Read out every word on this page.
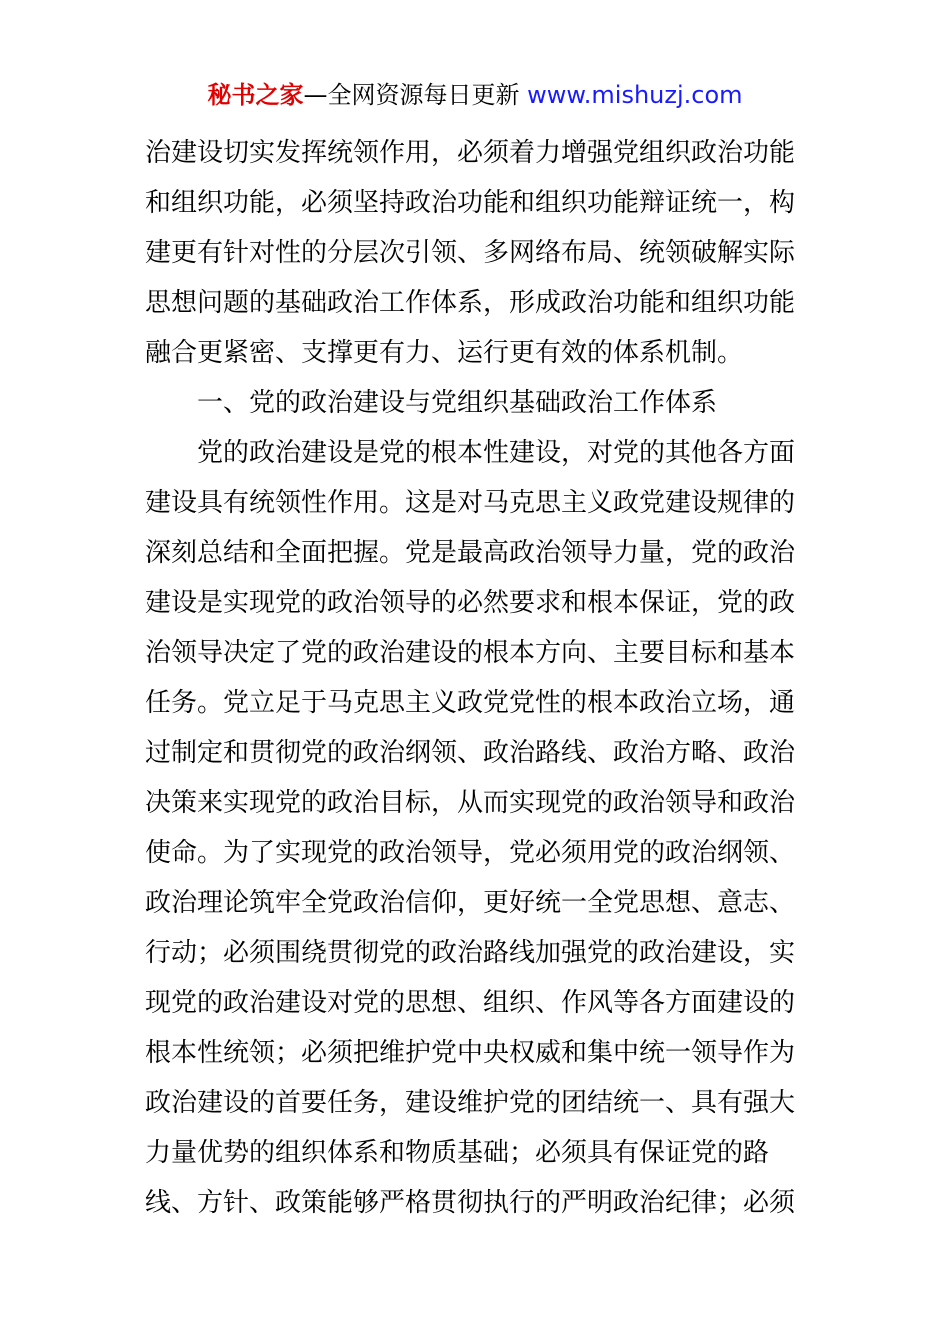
秘书之家—全网资源每日更新 www.mishuzj.com
治建设切实发挥统领作用，必须着力增强党组织政治功能
和组织功能，必须坚持政治功能和组织功能辩证统一，构
建更有针对性的分层次引领、多网络布局、统领破解实际
思想问题的基础政治工作体系，形成政治功能和组织功能
融合更紧密、支撑更有力、运行更有效的体系机制。
一、党的政治建设与党组织基础政治工作体系
党的政治建设是党的根本性建设，对党的其他各方面
建设具有统领性作用。这是对马克思主义政党建设规律的
深刻总结和全面把握。党是最高政治领导力量，党的政治
建设是实现党的政治领导的必然要求和根本保证，党的政
治领导决定了党的政治建设的根本方向、主要目标和基本
任务。党立足于马克思主义政党党性的根本政治立场，通
过制定和贯彻党的政治纲领、政治路线、政治方略、政治
决策来实现党的政治目标，从而实现党的政治领导和政治
使命。为了实现党的政治领导，党必须用党的政治纲领、
政治理论筑牢全党政治信仰，更好统一全党思想、意志、
行动；必须围绕贯彻党的政治路线加强党的政治建设，实
现党的政治建设对党的思想、组织、作风等各方面建设的
根本性统领；必须把维护党中央权威和集中统一领导作为
政治建设的首要任务，建设维护党的团结统一、具有强大
力量优势的组织体系和物质基础；必须具有保证党的路
线、方针、政策能够严格贯彻执行的严明政治纪律；必须
